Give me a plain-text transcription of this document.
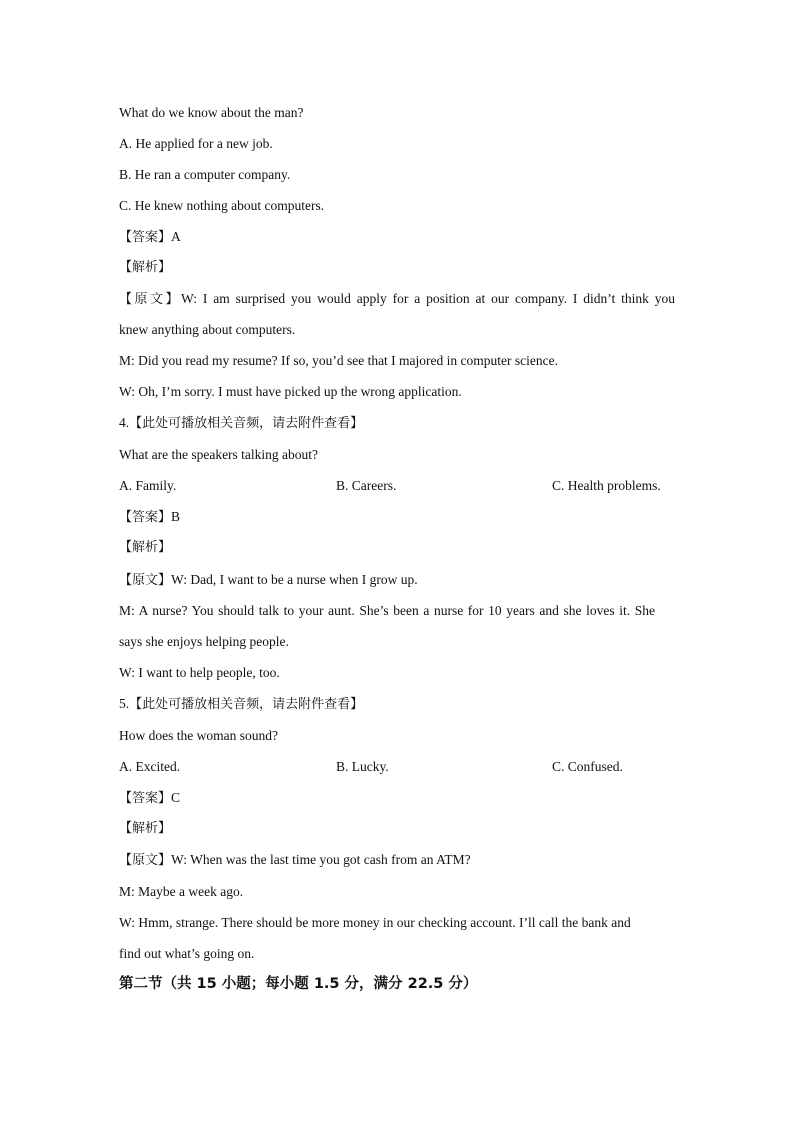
What do we know about the man?
A. He applied for a new job.
B. He ran a computer company.
C. He knew nothing about computers.
【答案】A
【解析】
【原文】W: I am surprised you would apply for a position at our company. I didn’t think you
knew anything about computers.
M: Did you read my resume? If so, you’d see that I majored in computer science.
W: Oh, I’m sorry. I must have picked up the wrong application.
4.【此处可播放相关音频，请去附件查看】
What are the speakers talking about?
A. Family.	B. Careers.	C. Health problems.
【答案】B
【解析】
【原文】W: Dad, I want to be a nurse when I grow up.
M: A nurse? You should talk to your aunt. She’s been a nurse for 10 years and she loves it. She
says she enjoys helping people.
W: I want to help people, too.
5.【此处可播放相关音频，请去附件查看】
How does the woman sound?
A. Excited.	B. Lucky.	C. Confused.
【答案】C
【解析】
【原文】W: When was the last time you got cash from an ATM?
M: Maybe a week ago.
W: Hmm, strange. There should be more money in our checking account. I’ll call the bank and
find out what’s going on.
第二节（共 15 小题；每小题 1.5 分，满分 22.5 分）
